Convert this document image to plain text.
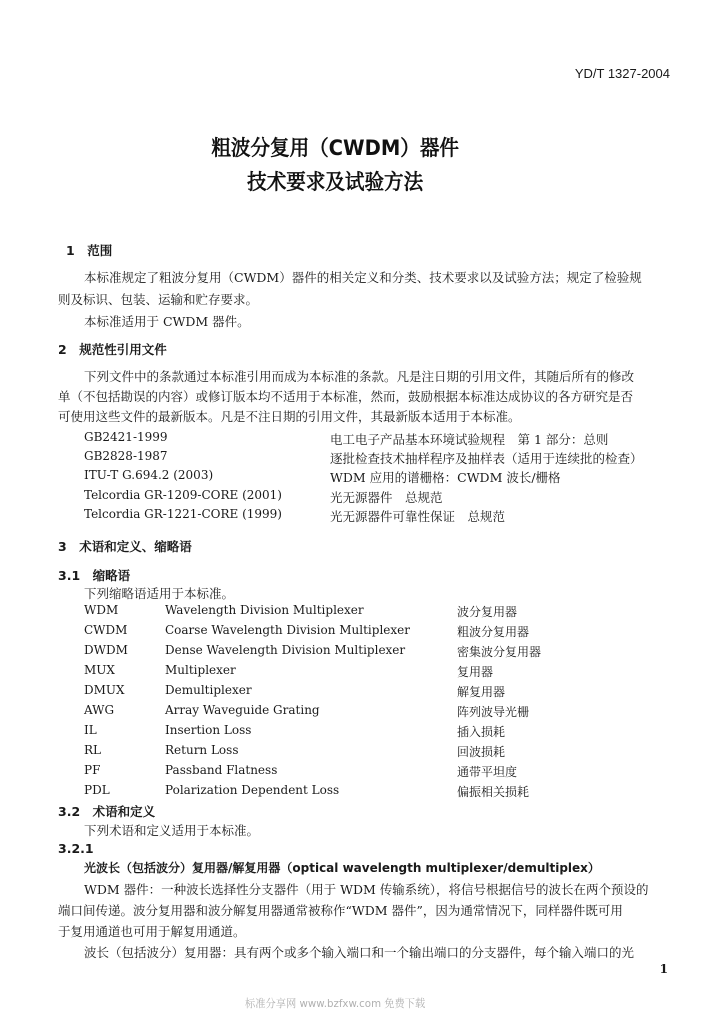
YD/T 1327-2004
粗波分复用（CWDM）器件
技术要求及试验方法
1　范围
本标准规定了粗波分复用（CWDM）器件的相关定义和分类、技术要求以及试验方法；规定了检验规
则及标识、包装、运输和贮存要求。
本标准适用于 CWDM 器件。
2　规范性引用文件
下列文件中的条款通过本标准引用而成为本标准的条款。凡是注日期的引用文件，其随后所有的修改
单（不包括勘误的内容）或修订版本均不适用于本标准，然而，鼓励根据本标准达成协议的各方研究是否
可使用这些文件的最新版本。凡是不注日期的引用文件，其最新版本适用于本标准。
GB2421-1999	电工电子产品基本环境试验规程　第 1 部分：总则
GB2828-1987	逐批检查技术抽样程序及抽样表（适用于连续批的检查）
ITU-T G.694.2 (2003)	WDM 应用的谱栅格：CWDM 波长/栅格
Telcordia GR-1209-CORE (2001)	光无源器件　总规范
Telcordia GR-1221-CORE (1999)	光无源器件可靠性保证　总规范
3　术语和定义、缩略语
3.1　缩略语
下列缩略语适用于本标准。
WDM	Wavelength Division Multiplexer	波分复用器
CWDM	Coarse Wavelength Division Multiplexer	粗波分复用器
DWDM	Dense Wavelength Division Multiplexer	密集波分复用器
MUX	Multiplexer	复用器
DMUX	Demultiplexer	解复用器
AWG	Array Waveguide Grating	阵列波导光栅
IL	Insertion Loss	插入损耗
RL	Return Loss	回波损耗
PF	Passband Flatness	通带平坦度
PDL	Polarization Dependent Loss	偏振相关损耗
3.2　术语和定义
下列术语和定义适用于本标准。
3.2.1
光波长（包括波分）复用器/解复用器（optical wavelength multiplexer/demultiplex）
WDM 器件：一种波长选择性分支器件（用于 WDM 传输系统），将信号根据信号的波长在两个预设的
端口间传递。波分复用器和波分解复用器通常被称作“WDM 器件”，因为通常情况下，同样器件既可用
于复用通道也可用于解复用通道。
波长（包括波分）复用器：具有两个或多个输入端口和一个输出端口的分支器件，每个输入端口的光
1
标准分享网 www.bzfxw.com 免费下载
